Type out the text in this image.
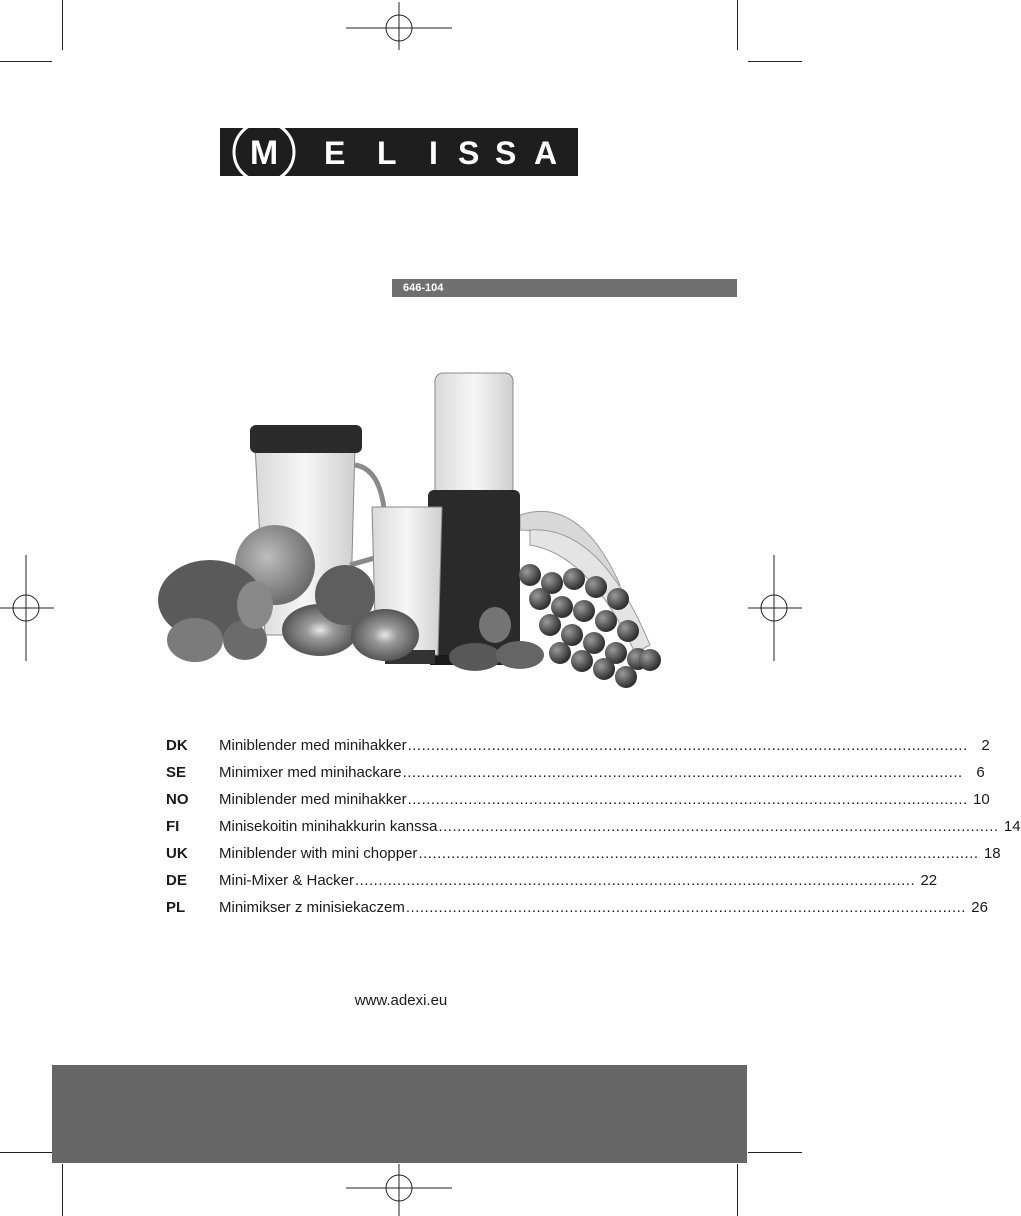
M E L I S S A
646-104
DK	Miniblender med minihakker ........................................................................................................................ 2
SE	Minimixer med minihackare ........................................................................................................................ 6
NO	Miniblender med minihakker ........................................................................................................................ 10
FI	Minisekoitin minihakkurin kanssa ........................................................................................................................ 14
UK	Miniblender with mini chopper ........................................................................................................................ 18
DE	Mini-Mixer & Hacker ........................................................................................................................ 22
PL	Minimikser z minisiekaczem ........................................................................................................................ 26
www.adexi.eu
